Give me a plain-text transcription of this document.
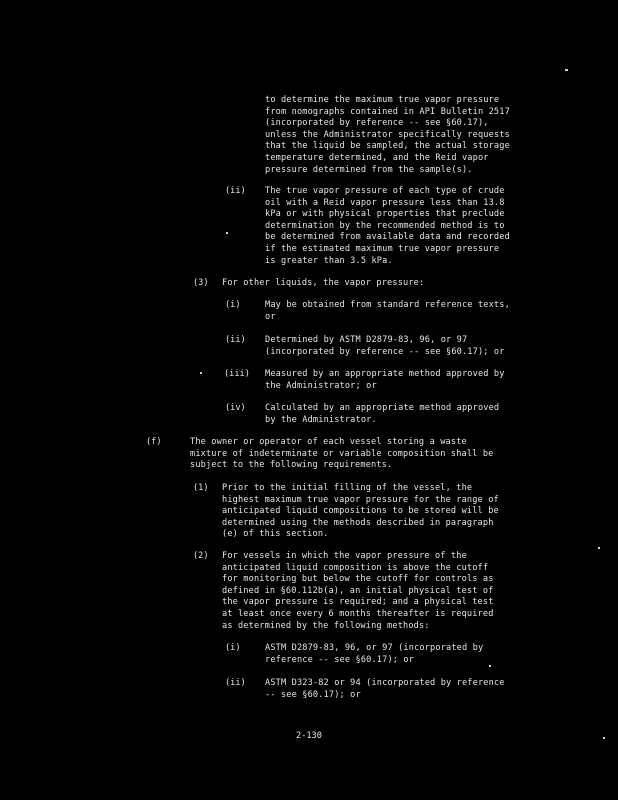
to determine the maximum true vapor pressure
from nomographs contained in API Bulletin 2517
(incorporated by reference -- see §60.17),
unless the Administrator specifically requests
that the liquid be sampled, the actual storage
temperature determined, and the Reid vapor
pressure determined from the sample(s).
(ii) The true vapor pressure of each type of crude
oil with a Reid vapor pressure less than 13.8
kPa or with physical properties that preclude
determination by the recommended method is to
be determined from available data and recorded
if the estimated maximum true vapor pressure
is greater than 3.5 kPa.
(3) For other liquids, the vapor pressure:
(i)	May be obtained from standard reference texts,
or
(ii) Determined by ASTM D2879-83, 96, or 97
(incorporated by reference -- see §60.17); or
(iii) Measured by an appropriate method approved by
the Administrator; or
(iv) Calculated by an appropriate method approved
by the Administrator.
(f)	The owner or operator of each vessel storing a waste
mixture of indeterminate or variable composition shall be
subject to the following requirements.
(1) Prior to the initial filling of the vessel, the
highest maximum true vapor pressure for the range of
anticipated liquid compositions to be stored will be
determined using the methods described in paragraph
(e) of this section.
(2) For vessels in which the vapor pressure of the
anticipated liquid composition is above the cutoff
for monitoring but below the cutoff for controls as
defined in §60.112b(a), an initial physical test of
the vapor pressure is required; and a physical test
at least once every 6 months thereafter is required
as determined by the following methods:
(i)	ASTM D2879-83, 96, or 97 (incorporated by
reference -- see §60.17); or
(ii) ASTM D323-82 or 94 (incorporated by reference
-- see §60.17); or
2-130
